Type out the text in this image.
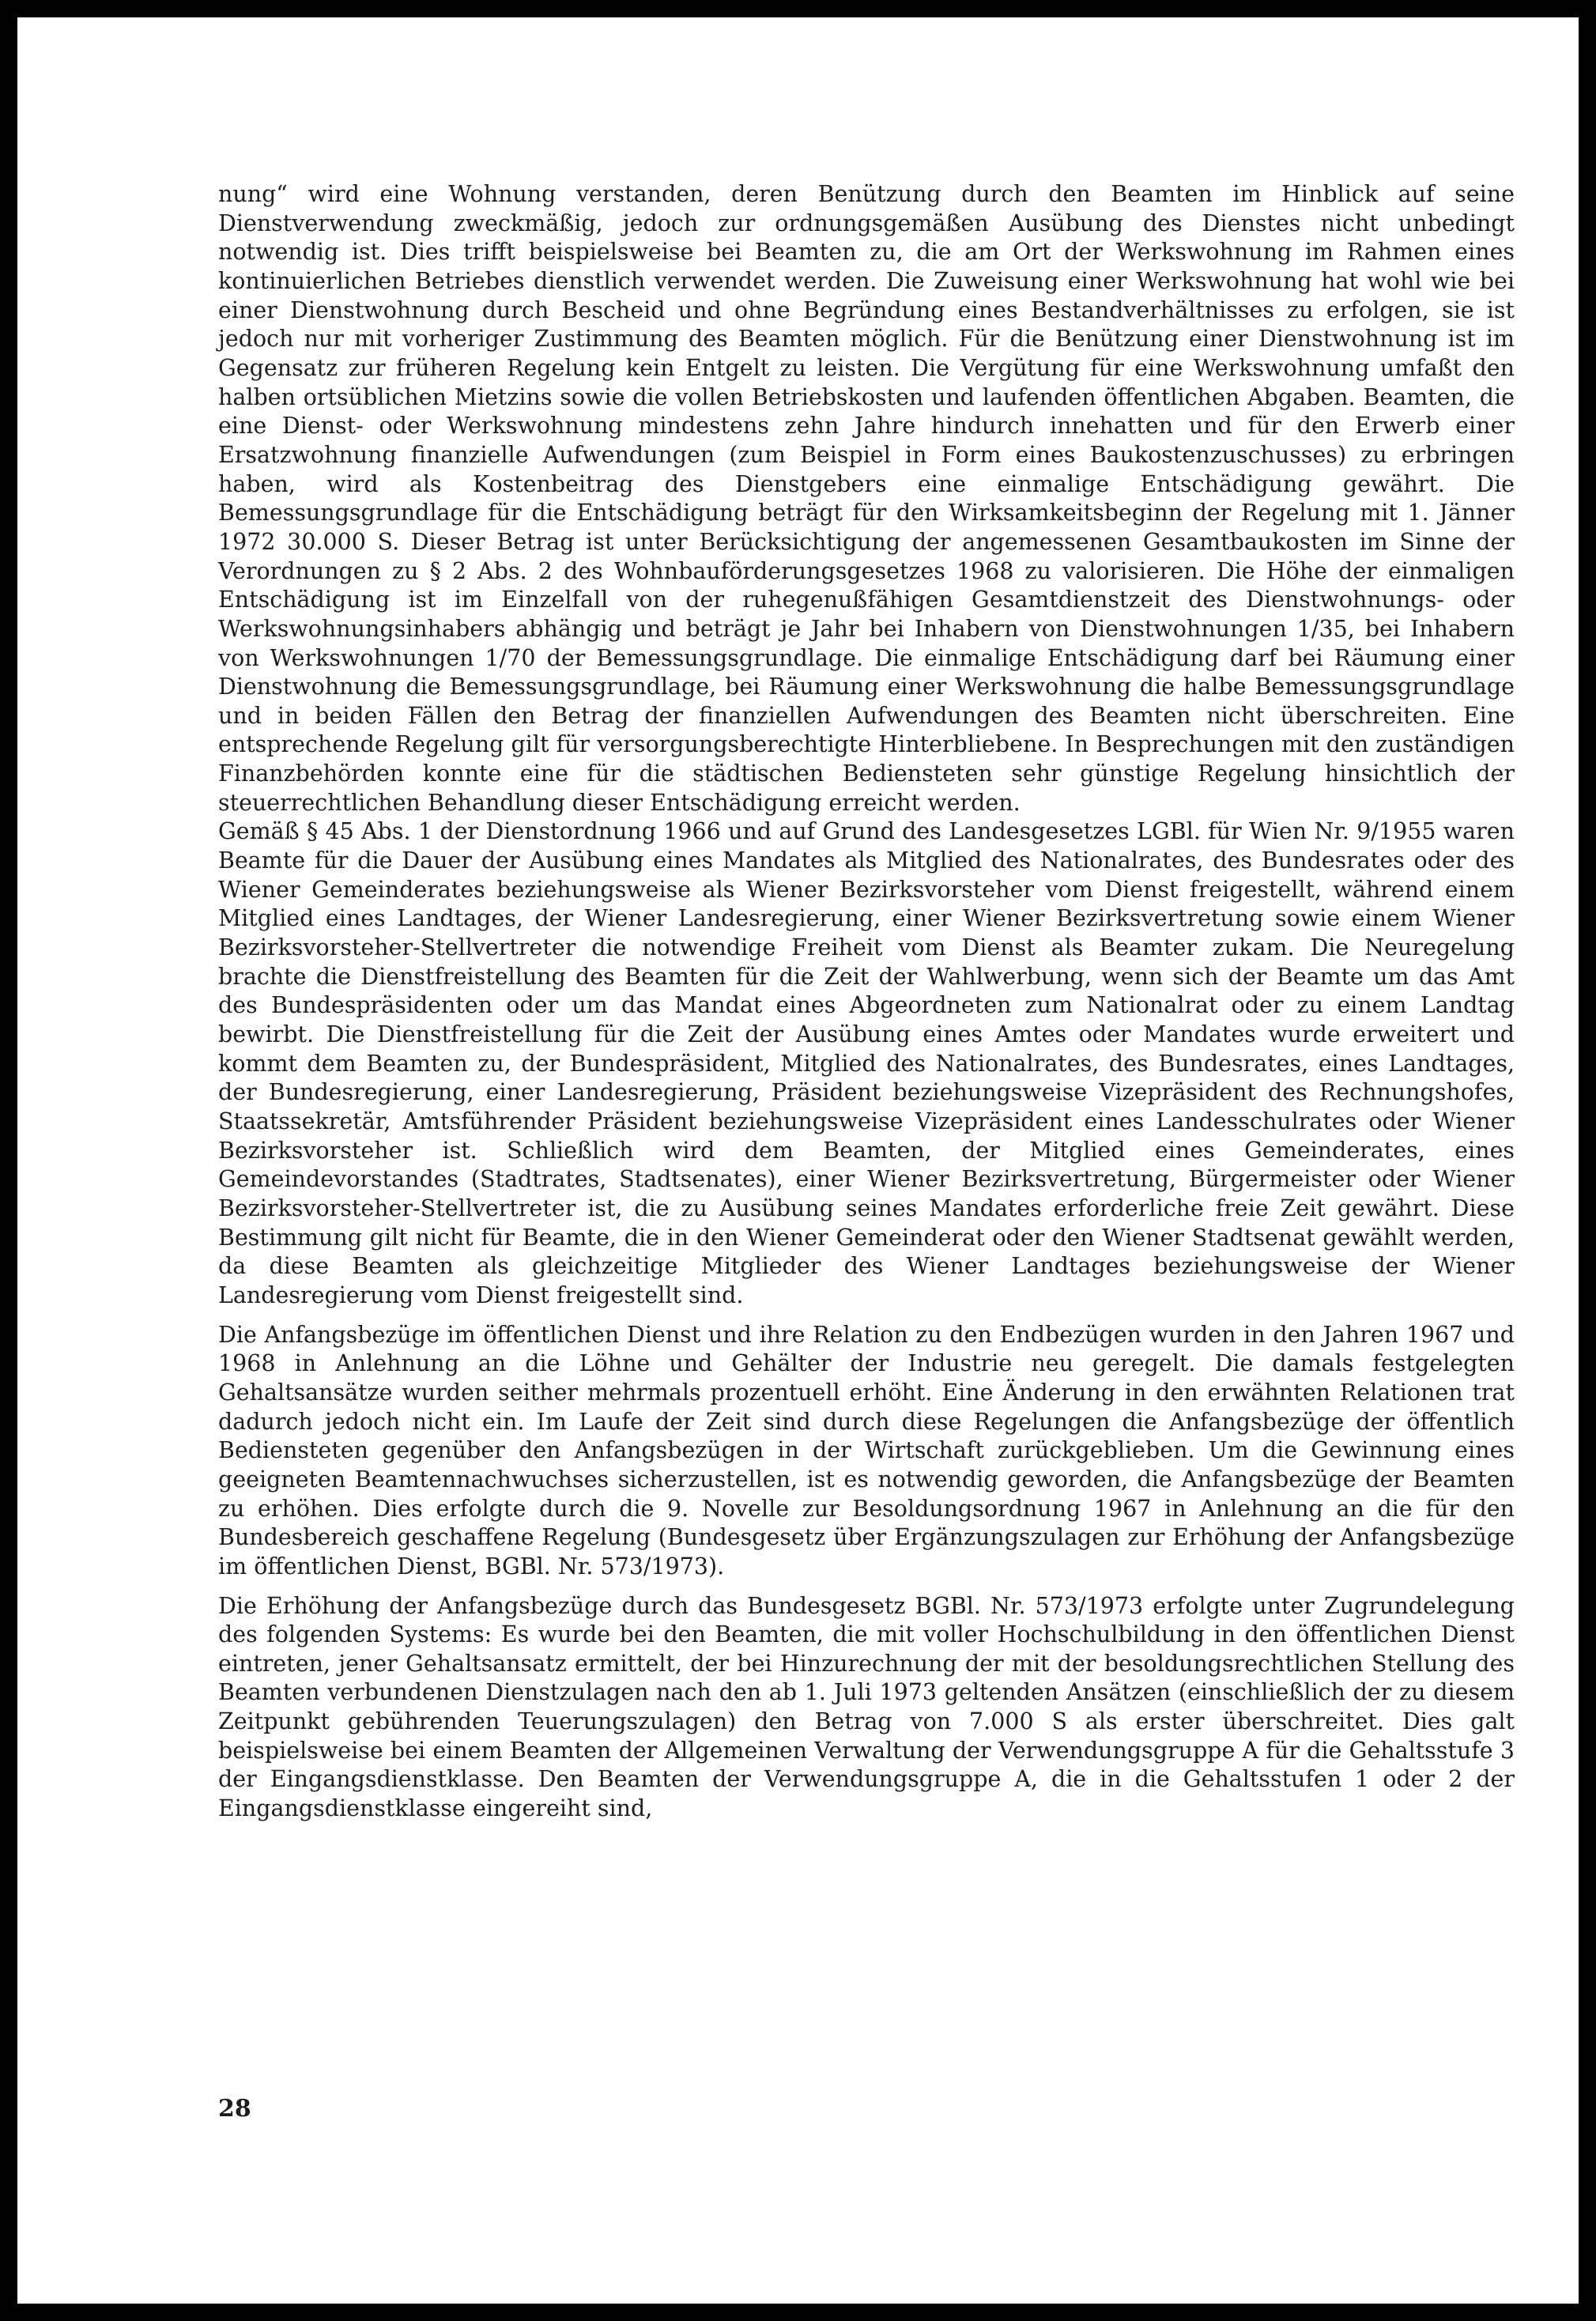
nung“ wird eine Wohnung verstanden, deren Benützung durch den Beamten im Hinblick auf seine Dienstverwendung zweckmäßig, jedoch zur ordnungsgemäßen Ausübung des Dienstes nicht unbedingt notwendig ist. Dies trifft beispielsweise bei Beamten zu, die am Ort der Werkswohnung im Rahmen eines kontinuierlichen Betriebes dienstlich verwendet werden. Die Zuweisung einer Werkswohnung hat wohl wie bei einer Dienstwohnung durch Bescheid und ohne Begründung eines Bestandverhältnisses zu erfolgen, sie ist jedoch nur mit vorheriger Zustimmung des Beamten möglich. Für die Benützung einer Dienstwohnung ist im Gegensatz zur früheren Regelung kein Entgelt zu leisten. Die Vergütung für eine Werkswohnung umfaßt den halben ortsüblichen Mietzins sowie die vollen Betriebskosten und laufenden öffentlichen Abgaben. Beamten, die eine Dienst- oder Werkswohnung mindestens zehn Jahre hindurch innehatten und für den Erwerb einer Ersatzwohnung finanzielle Aufwendungen (zum Beispiel in Form eines Baukostenzuschusses) zu erbringen haben, wird als Kostenbeitrag des Dienstgebers eine einmalige Entschädigung gewährt. Die Bemessungsgrundlage für die Entschädigung beträgt für den Wirksamkeitsbeginn der Regelung mit 1. Jänner 1972 30.000 S. Dieser Betrag ist unter Berücksichtigung der angemessenen Gesamtbaukosten im Sinne der Verordnungen zu § 2 Abs. 2 des Wohnbauförderungsgesetzes 1968 zu valorisieren. Die Höhe der einmaligen Entschädigung ist im Einzelfall von der ruhegenußfähigen Gesamtdienstzeit des Dienstwohnungs- oder Werkswohnungsinhabers abhängig und beträgt je Jahr bei Inhabern von Dienstwohnungen 1/35, bei Inhabern von Werkswohnungen 1/70 der Bemessungsgrundlage. Die einmalige Entschädigung darf bei Räumung einer Dienstwohnung die Bemessungsgrundlage, bei Räumung einer Werkswohnung die halbe Bemessungsgrundlage und in beiden Fällen den Betrag der finanziellen Aufwendungen des Beamten nicht überschreiten. Eine entsprechende Regelung gilt für versorgungsberechtigte Hinterbliebene. In Besprechungen mit den zuständigen Finanzbehörden konnte eine für die städtischen Bediensteten sehr günstige Regelung hinsichtlich der steuerrechtlichen Behandlung dieser Entschädigung erreicht werden.

Gemäß § 45 Abs. 1 der Dienstordnung 1966 und auf Grund des Landesgesetzes LGBl. für Wien Nr. 9/1955 waren Beamte für die Dauer der Ausübung eines Mandates als Mitglied des Nationalrates, des Bundesrates oder des Wiener Gemeinderates beziehungsweise als Wiener Bezirksvorsteher vom Dienst freigestellt, während einem Mitglied eines Landtages, der Wiener Landesregierung, einer Wiener Bezirksvertretung sowie einem Wiener Bezirksvorsteher-Stellvertreter die notwendige Freiheit vom Dienst als Beamter zukam. Die Neuregelung brachte die Dienstfreistellung des Beamten für die Zeit der Wahlwerbung, wenn sich der Beamte um das Amt des Bundespräsidenten oder um das Mandat eines Abgeordneten zum Nationalrat oder zu einem Landtag bewirbt. Die Dienstfreistellung für die Zeit der Ausübung eines Amtes oder Mandates wurde erweitert und kommt dem Beamten zu, der Bundespräsident, Mitglied des Nationalrates, des Bundesrates, eines Landtages, der Bundesregierung, einer Landesregierung, Präsident beziehungsweise Vizepräsident des Rechnungshofes, Staatssekretär, Amtsführender Präsident beziehungsweise Vizepräsident eines Landesschulrates oder Wiener Bezirksvorsteher ist. Schließlich wird dem Beamten, der Mitglied eines Gemeinderates, eines Gemeindevorstandes (Stadtrates, Stadtsenates), einer Wiener Bezirksvertretung, Bürgermeister oder Wiener Bezirksvorsteher-Stellvertreter ist, die zu Ausübung seines Mandates erforderliche freie Zeit gewährt. Diese Bestimmung gilt nicht für Beamte, die in den Wiener Gemeinderat oder den Wiener Stadtsenat gewählt werden, da diese Beamten als gleichzeitige Mitglieder des Wiener Landtages beziehungsweise der Wiener Landesregierung vom Dienst freigestellt sind.

Die Anfangsbezüge im öffentlichen Dienst und ihre Relation zu den Endbezügen wurden in den Jahren 1967 und 1968 in Anlehnung an die Löhne und Gehälter der Industrie neu geregelt. Die damals festgelegten Gehaltsansätze wurden seither mehrmals prozentuell erhöht. Eine Änderung in den erwähnten Relationen trat dadurch jedoch nicht ein. Im Laufe der Zeit sind durch diese Regelungen die Anfangsbezüge der öffentlich Bediensteten gegenüber den Anfangsbezügen in der Wirtschaft zurückgeblieben. Um die Gewinnung eines geeigneten Beamtennachwuchses sicherzustellen, ist es notwendig geworden, die Anfangsbezüge der Beamten zu erhöhen. Dies erfolgte durch die 9. Novelle zur Besoldungsordnung 1967 in Anlehnung an die für den Bundesbereich geschaffene Regelung (Bundesgesetz über Ergänzungszulagen zur Erhöhung der Anfangsbezüge im öffentlichen Dienst, BGBl. Nr. 573/1973).

Die Erhöhung der Anfangsbezüge durch das Bundesgesetz BGBl. Nr. 573/1973 erfolgte unter Zugrundelegung des folgenden Systems: Es wurde bei den Beamten, die mit voller Hochschulbildung in den öffentlichen Dienst eintreten, jener Gehaltsansatz ermittelt, der bei Hinzurechnung der mit der besoldungsrechtlichen Stellung des Beamten verbundenen Dienstzulagen nach den ab 1. Juli 1973 geltenden Ansätzen (einschließlich der zu diesem Zeitpunkt gebührenden Teuerungszulagen) den Betrag von 7.000 S als erster überschreitet. Dies galt beispielsweise bei einem Beamten der Allgemeinen Verwaltung der Verwendungsgruppe A für die Gehaltsstufe 3 der Eingangsdienstklasse. Den Beamten der Verwendungsgruppe A, die in die Gehaltsstufen 1 oder 2 der Eingangsdienstklasse eingereiht sind,

28
